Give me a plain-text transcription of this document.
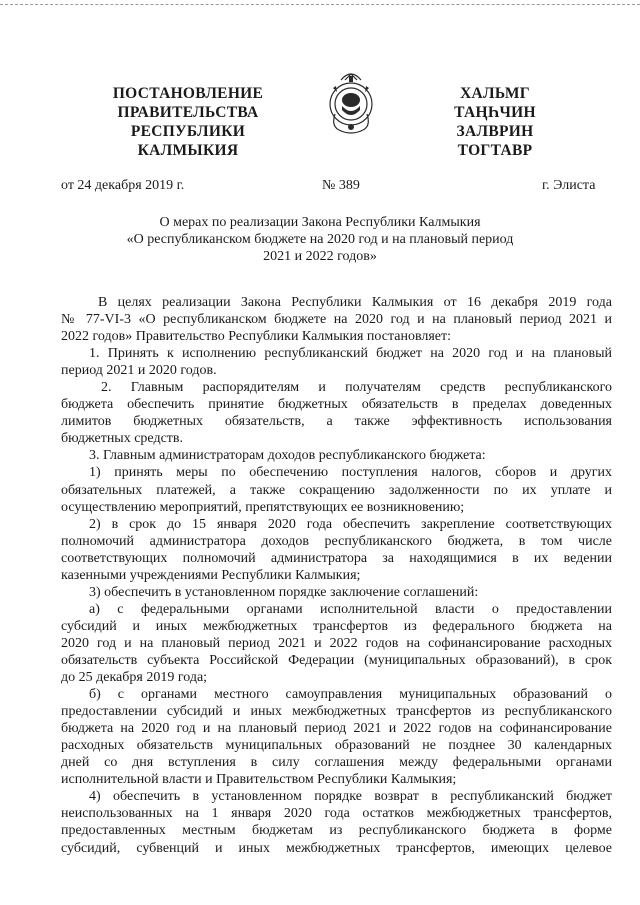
ПОСТАНОВЛЕНИЕ
ПРАВИТЕЛЬСТВА
РЕСПУБЛИКИ
КАЛМЫКИЯ
ХАЛЬМГ
ТАҢҺЧИН
ЗАЛВРИН
ТОГТАВР
от 24 декабря 2019 г.	№ 389	г. Элиста
О мерах по реализации Закона Республики Калмыкия
«О республиканском бюджете на 2020 год и на плановый период
2021 и 2022 годов»
В целях реализации Закона Республики Калмыкия от 16 декабря 2019 года
№ 77-VI-3 «О республиканском бюджете на 2020 год и на плановый период 2021 и
2022 годов» Правительство Республики Калмыкия постановляет:
1. Принять к исполнению республиканский бюджет на 2020 год и на плановый
период 2021 и 2020 годов.
2. Главным распорядителям и получателям средств республиканского
бюджета обеспечить принятие бюджетных обязательств в пределах доведенных
лимитов бюджетных обязательств, а также эффективность использования
бюджетных средств.
3. Главным администраторам доходов республиканского бюджета:
1) принять меры по обеспечению поступления налогов, сборов и других
обязательных платежей, а также сокращению задолженности по их уплате и
осуществлению мероприятий, препятствующих ее возникновению;
2) в срок до 15 января 2020 года обеспечить закрепление соответствующих
полномочий администратора доходов республиканского бюджета, в том числе
соответствующих полномочий администратора за находящимися в их ведении
казенными учреждениями Республики Калмыкия;
3) обеспечить в установленном порядке заключение соглашений:
а) с федеральными органами исполнительной власти о предоставлении
субсидий и иных межбюджетных трансфертов из федерального бюджета на
2020 год и на плановый период 2021 и 2022 годов на софинансирование расходных
обязательств субъекта Российской Федерации (муниципальных образований), в срок
до 25 декабря 2019 года;
б) с органами местного самоуправления муниципальных образований о
предоставлении субсидий и иных межбюджетных трансфертов из республиканского
бюджета на 2020 год и на плановый период 2021 и 2022 годов на софинансирование
расходных обязательств муниципальных образований не позднее 30 календарных
дней со дня вступления в силу соглашения между федеральными органами
исполнительной власти и Правительством Республики Калмыкия;
4) обеспечить в установленном порядке возврат в республиканский бюджет
неиспользованных на 1 января 2020 года остатков межбюджетных трансфертов,
предоставленных местным бюджетам из республиканского бюджета в форме
субсидий, субвенций и иных межбюджетных трансфертов, имеющих целевое
